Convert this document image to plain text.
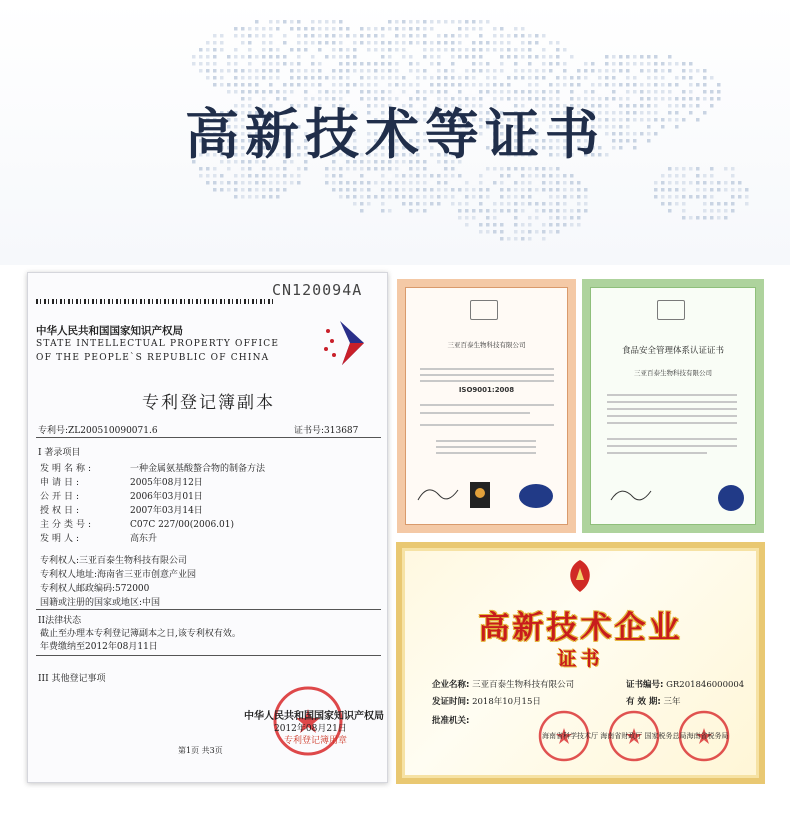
高新技术等证书
CN120094A
中华人民共和国国家知识产权局
STATE INTELLECTUAL PROPERTY OFFICE
OF THE PEOPLE`S REPUBLIC OF CHINA
专利登记簿副本
专利号:ZL200510090071.6	证书号:313687
I 著录项目
发明名称:	一种金属氨基酸螯合物的制备方法
申请日:	2005年08月12日
公开日:	2006年03月01日
授权日:	2007年03月14日
主分类号:	C07C 227/00(2006.01)
发明人:	高东升
专利权人:三亚百泰生物科技有限公司
专利权人地址:海南省三亚市创意产业园
专利权人邮政编码:572000
国籍或注册的国家或地区:中国
II法律状态
截止至办理本专利登记簿副本之日,该专利权有效。
年费缴纳至2012年08月11日
III 其他登记事项
中华人民共和国国家知识产权局
2012年08月21日
专利登记簿用章
第1页 共3页
三亚百泰生物科技有限公司
ISO9001:2008
食品安全管理体系认证证书
三亚百泰生物科技有限公司
高新技术企业
证书
企业名称: 三亚百泰生物科技有限公司	证书编号: GR201846000004
发证时间: 2018年10月15日	有 效 期: 三年
批准机关:
海南省科学技术厅 海南省财政厅 国家税务总局海南省税务局
